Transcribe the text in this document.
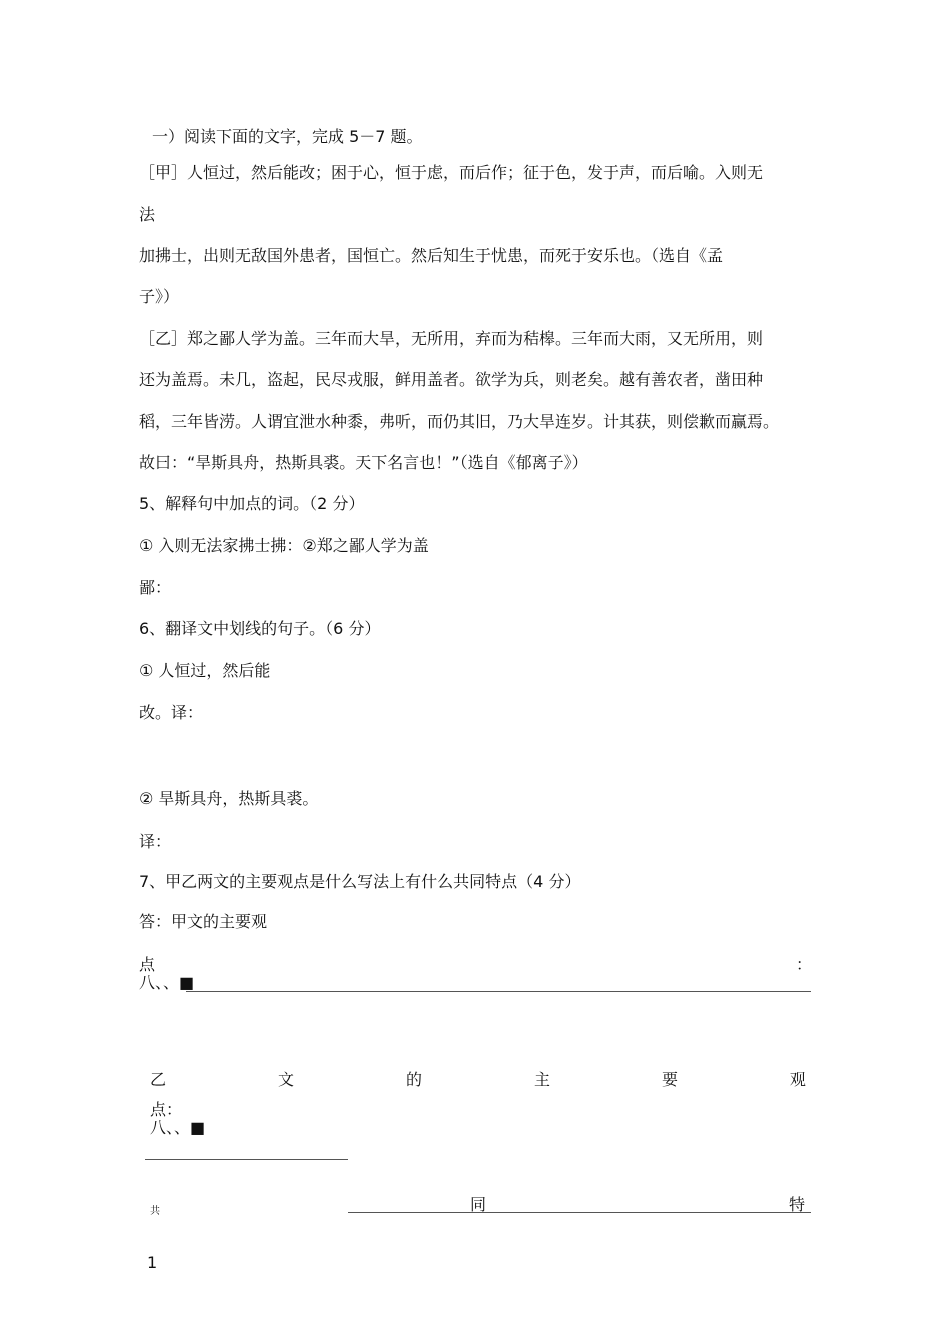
一）阅读下面的文字，完成 5－7 题。
［甲］人恒过，然后能改；困于心，恒于虑，而后作；征于色，发于声，而后喻。入则无
法
加拂士，出则无敌国外患者，国恒亡。然后知生于忧患，而死于安乐也。（选自《孟
子》）
［乙］郑之鄙人学为盖。三年而大旱，无所用，弃而为秸槔。三年而大雨，又无所用，则
还为盖焉。未几，盗起，民尽戎服，鲜用盖者。欲学为兵，则老矣。越有善农者，凿田种
稻，三年皆涝。人谓宜泄水种黍，弗听，而仍其旧，乃大旱连岁。计其获，则偿歉而赢焉。
故曰：“旱斯具舟，热斯具裘。天下名言也！”（选自《郁离子》）
5、解释句中加点的词。（2 分）
① 入则无法家拂士拂：②郑之鄙人学为盖
鄙：
6、翻译文中划线的句子。（6 分）
① 人恒过，然后能
改。译：
② 旱斯具舟，热斯具裘。
译：
7、甲乙两文的主要观点是什么写法上有什么共同特点（4 分）
答：甲文的主要观
点	：
八、、■
乙	文	的	主	要	观
点：
八、、■
共	同	特
1
